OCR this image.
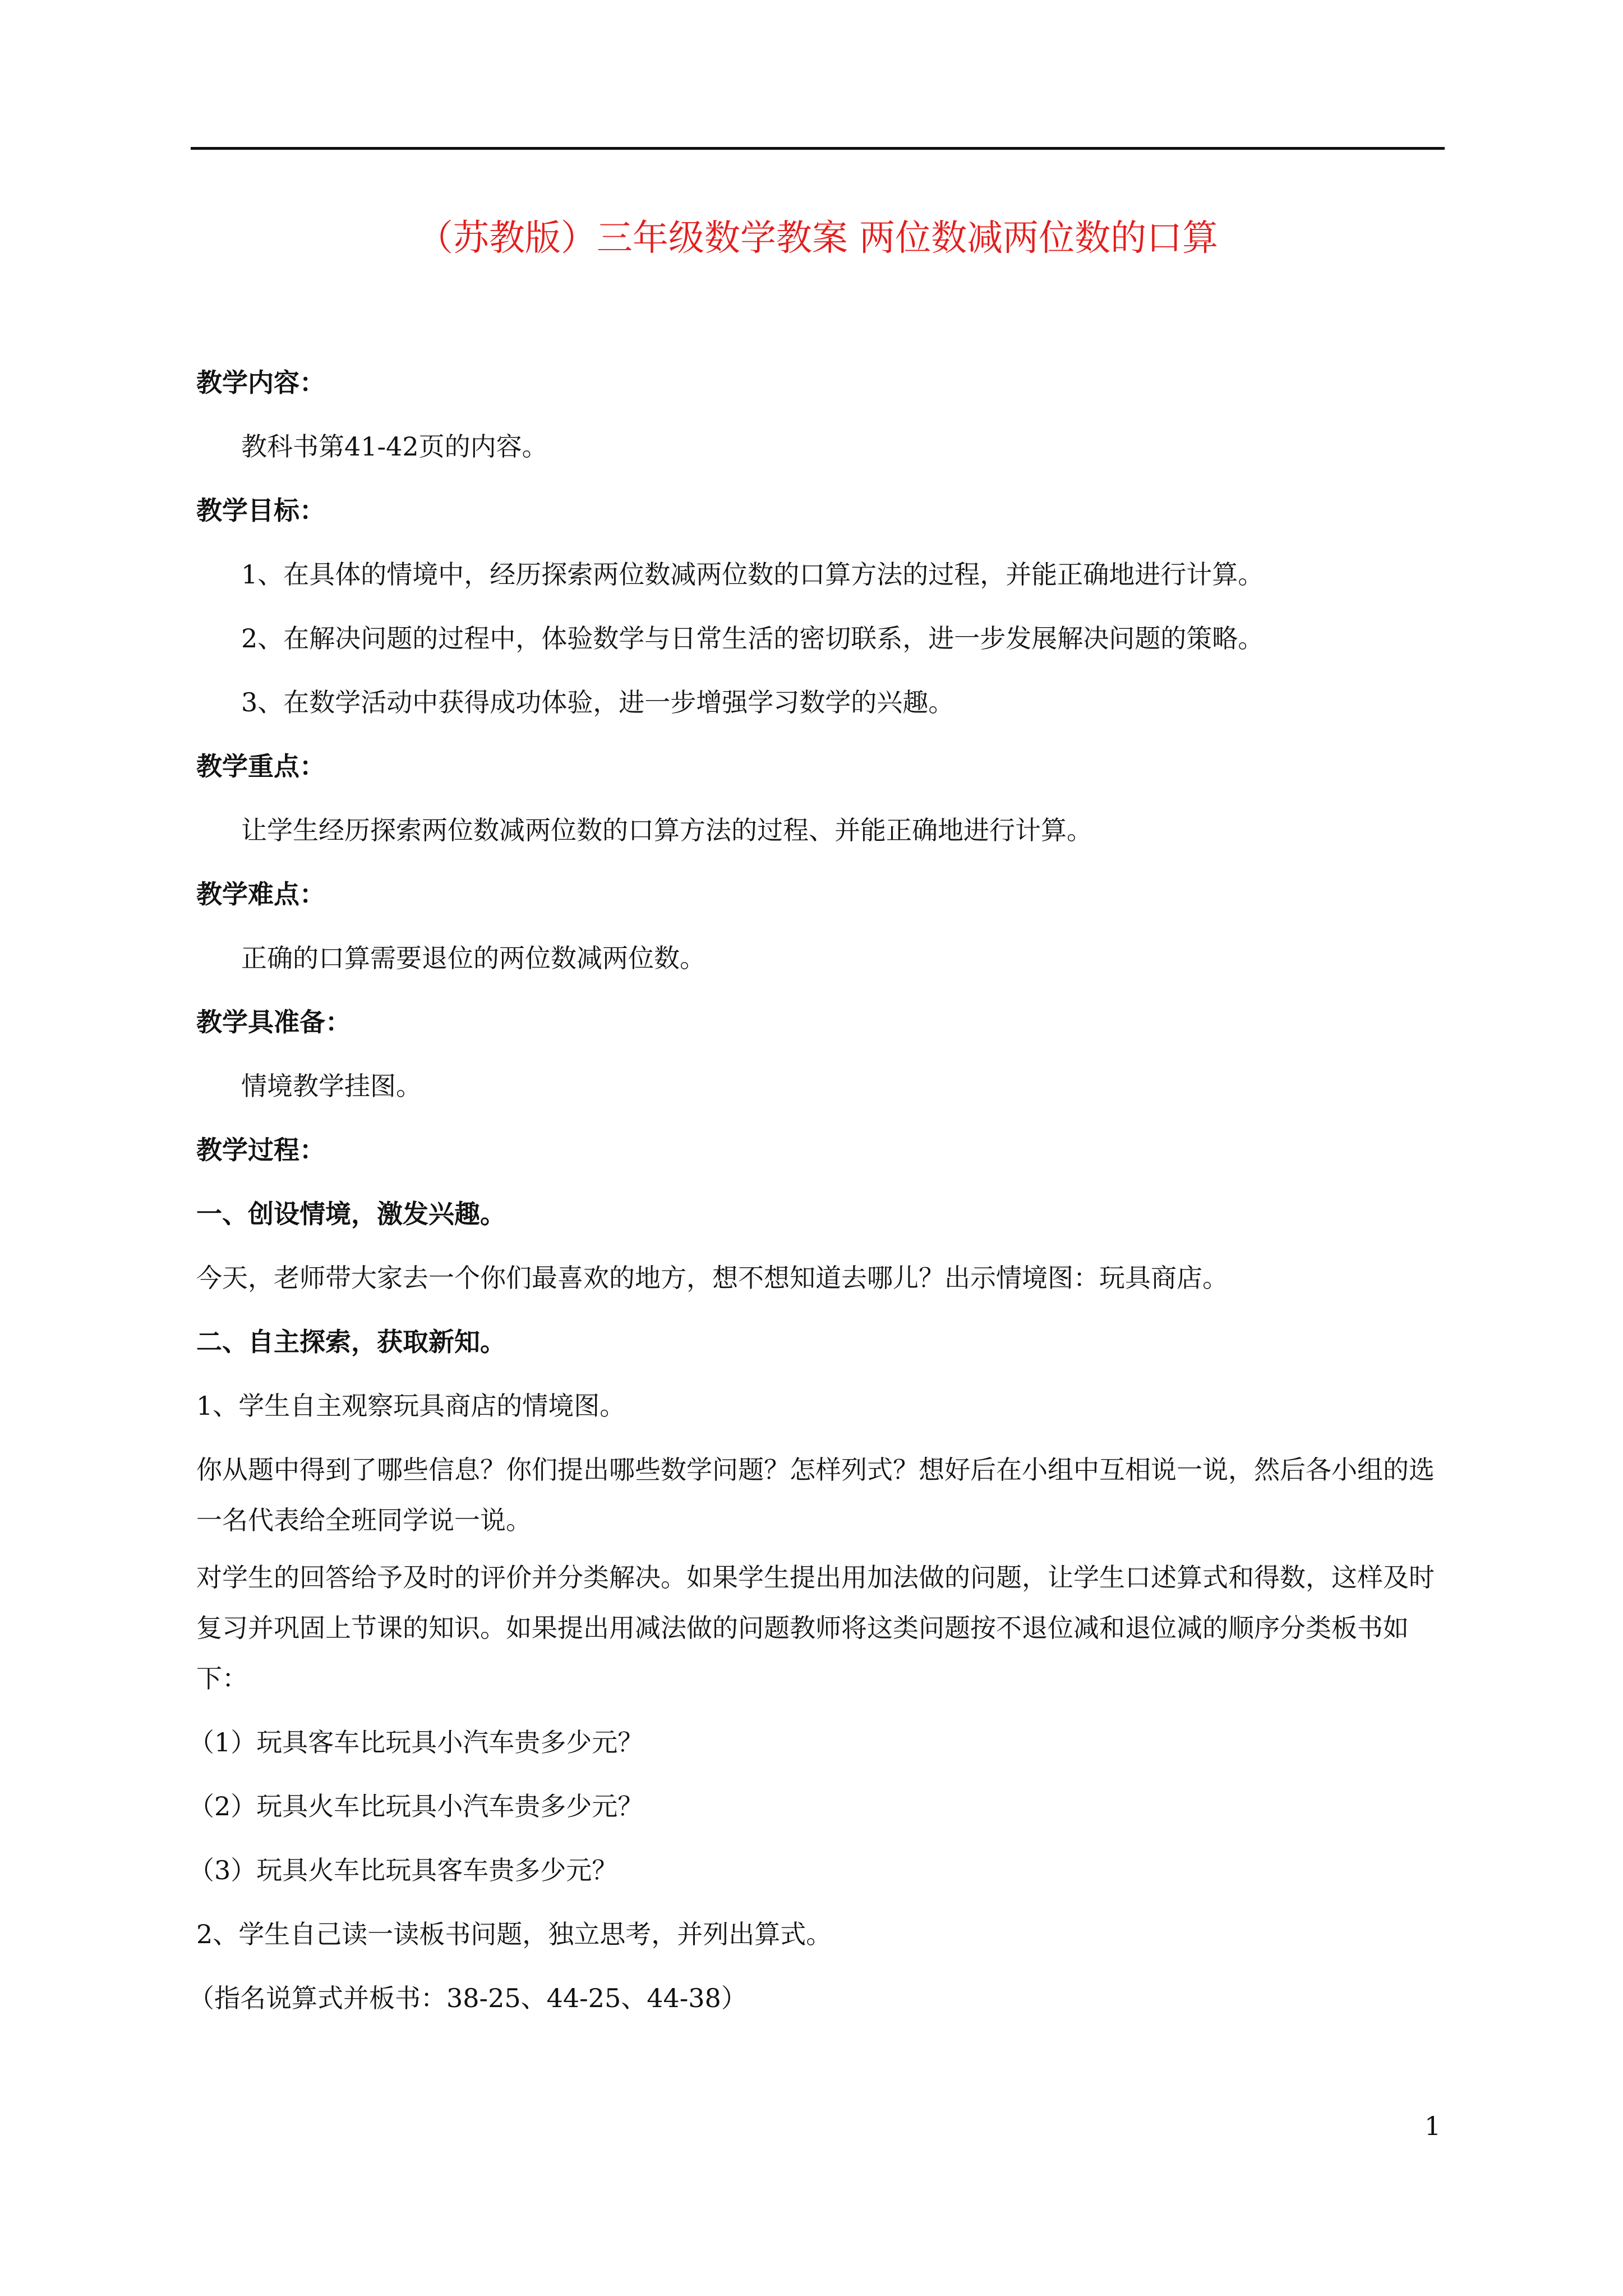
（苏教版）三年级数学教案 两位数减两位数的口算
教学内容：
教科书第41-42页的内容。
教学目标：
1、在具体的情境中，经历探索两位数减两位数的口算方法的过程，并能正确地进行计算。
2、在解决问题的过程中，体验数学与日常生活的密切联系，进一步发展解决问题的策略。
3、在数学活动中获得成功体验，进一步增强学习数学的兴趣。
教学重点：
让学生经历探索两位数减两位数的口算方法的过程、并能正确地进行计算。
教学难点：
正确的口算需要退位的两位数减两位数。
教学具准备：
情境教学挂图。
教学过程：
一、创设情境，激发兴趣。
今天，老师带大家去一个你们最喜欢的地方，想不想知道去哪儿？出示情境图：玩具商店。
二、自主探索，获取新知。
1、学生自主观察玩具商店的情境图。
你从题中得到了哪些信息？你们提出哪些数学问题？怎样列式？想好后在小组中互相说一说，然后各小组的选一名代表给全班同学说一说。
对学生的回答给予及时的评价并分类解决。如果学生提出用加法做的问题，让学生口述算式和得数，这样及时复习并巩固上节课的知识。如果提出用减法做的问题教师将这类问题按不退位减和退位减的顺序分类板书如下：
（1）玩具客车比玩具小汽车贵多少元？
（2）玩具火车比玩具小汽车贵多少元？
（3）玩具火车比玩具客车贵多少元？
2、学生自己读一读板书问题，独立思考，并列出算式。
（指名说算式并板书：38-25、44-25、44-38）
1
